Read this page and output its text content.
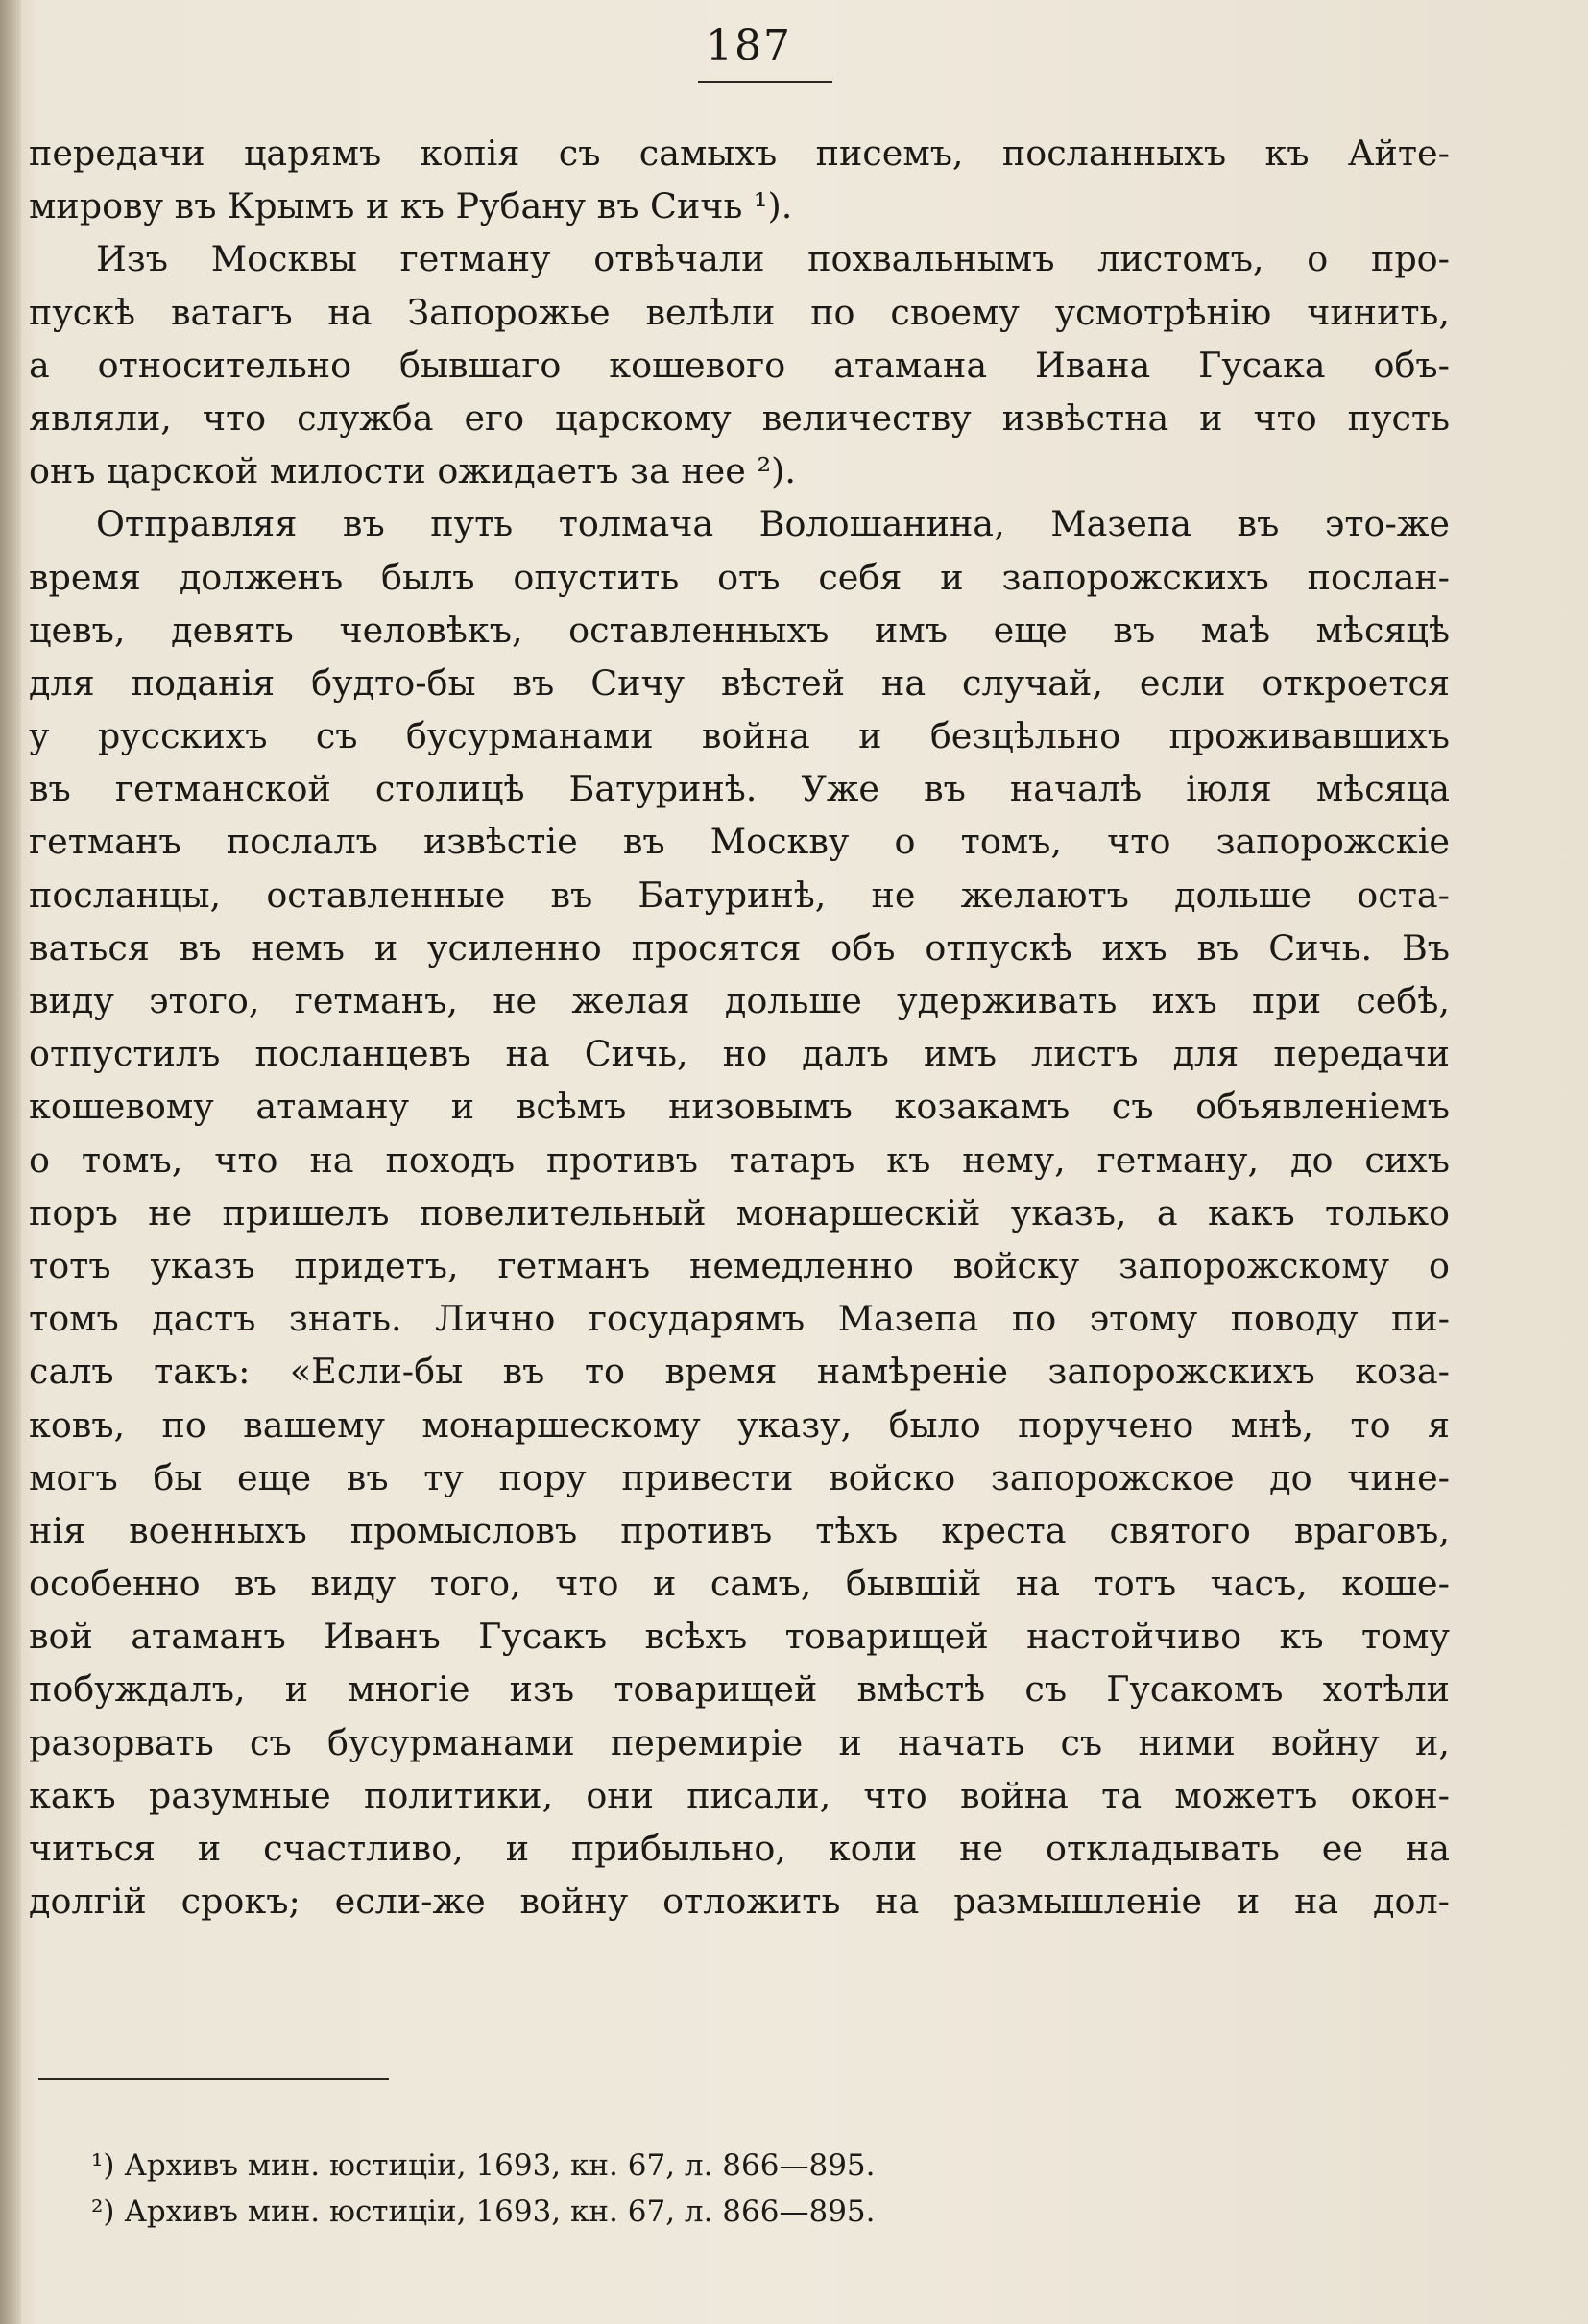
187
передачи царямъ копія съ самыхъ писемъ, посланныхъ къ Айте-
мирову въ Крымъ и къ Рубану въ Сичь ¹).
Изъ Москвы гетману отвѣчали похвальнымъ листомъ, о про-
пускѣ ватагъ на Запорожье велѣли по своему усмотрѣнію чинить,
а относительно бывшаго кошевого атамана Ивана Гусака объ-
являли, что служба его царскому величеству извѣстна и что пусть
онъ царской милости ожидаетъ за нее ²).
Отправляя въ путь толмача Волошанина, Мазепа въ это-же
время долженъ былъ опустить отъ себя и запорожскихъ послан-
цевъ, девять человѣкъ, оставленныхъ имъ еще въ маѣ мѣсяцѣ
для поданія будто-бы въ Сичу вѣстей на случай, если откроется
у русскихъ съ бусурманами война и безцѣльно проживавшихъ
въ гетманской столицѣ Батуринѣ. Уже въ началѣ іюля мѣсяца
гетманъ послалъ извѣстіе въ Москву о томъ, что запорожскіе
посланцы, оставленные въ Батуринѣ, не желаютъ дольше оста-
ваться въ немъ и усиленно просятся объ отпускѣ ихъ въ Сичь. Въ
виду этого, гетманъ, не желая дольше удерживать ихъ при себѣ,
отпустилъ посланцевъ на Сичь, но далъ имъ листъ для передачи
кошевому атаману и всѣмъ низовымъ козакамъ съ объявленіемъ
о томъ, что на походъ противъ татаръ къ нему, гетману, до сихъ
поръ не пришелъ повелительный монаршескій указъ, а какъ только
тотъ указъ придетъ, гетманъ немедленно войску запорожскому о
томъ дастъ знать. Лично государямъ Мазепа по этому поводу пи-
салъ такъ: «Если-бы въ то время намѣреніе запорожскихъ коза-
ковъ, по вашему монаршескому указу, было поручено мнѣ, то я
могъ бы еще въ ту пору привести войско запорожское до чине-
нія военныхъ промысловъ противъ тѣхъ креста святого враговъ,
особенно въ виду того, что и самъ, бывшій на тотъ часъ, коше-
вой атаманъ Иванъ Гусакъ всѣхъ товарищей настойчиво къ тому
побуждалъ, и многіе изъ товарищей вмѣстѣ съ Гусакомъ хотѣли
разорвать съ бусурманами перемиріе и начать съ ними войну и,
какъ разумные политики, они писали, что война та можетъ окон-
читься и счастливо, и прибыльно, коли не откладывать ее на
долгій срокъ; если-же войну отложить на размышленіе и на дол-
¹) Архивъ мин. юстиціи, 1693, кн. 67, л. 866—895.
²) Архивъ мин. юстиціи, 1693, кн. 67, л. 866—895.
